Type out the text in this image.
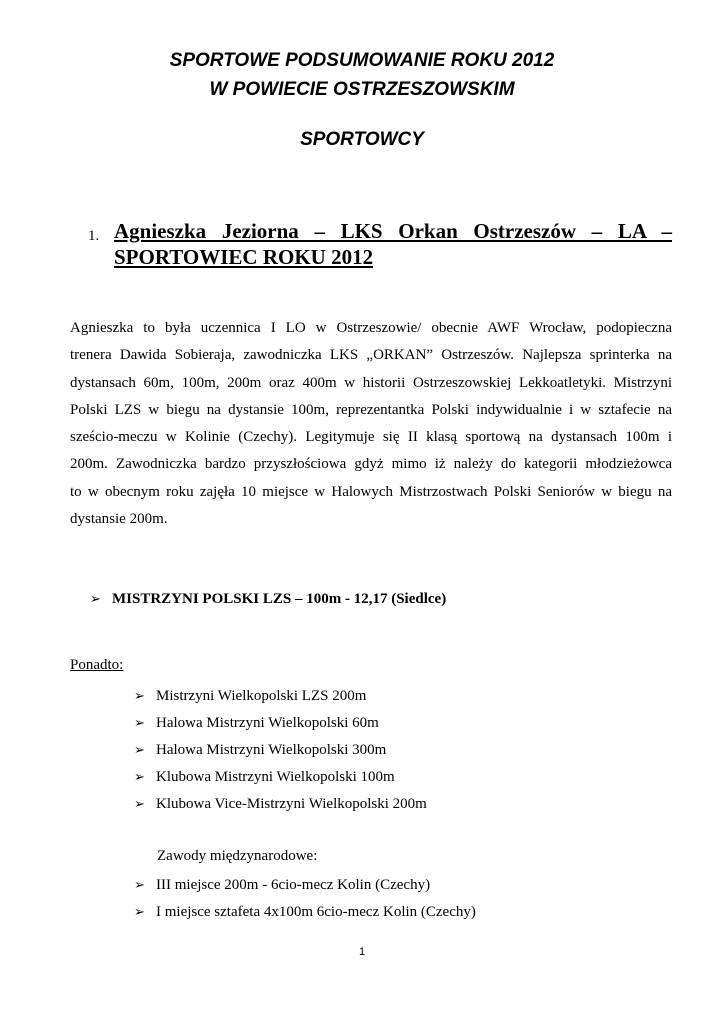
SPORTOWE PODSUMOWANIE ROKU 2012
W POWIECIE OSTRZESZOWSKIM
SPORTOWCY
1. Agnieszka Jeziorna – LKS Orkan Ostrzeszów – LA –
SPORTOWIEC ROKU 2012
Agnieszka to była uczennica I LO w Ostrzeszowie/ obecnie AWF Wrocław, podopieczna
trenera Dawida Sobieraja, zawodniczka LKS „ORKAN” Ostrzeszów. Najlepsza sprinterka na
dystansach 60m, 100m, 200m oraz 400m w historii Ostrzeszowskiej Lekkoatletyki. Mistrzyni
Polski LZS w biegu na dystansie 100m, reprezentantka Polski indywidualnie i w sztafecie na
sześcio-meczu w Kolinie (Czechy). Legitymuje się II klasą sportową na dystansach 100m i
200m. Zawodniczka bardzo przyszłościowa gdyż mimo iż należy do kategorii młodzieżowca
to w obecnym roku zajęła 10 miejsce w Halowych Mistrzostwach Polski Seniorów w biegu na
dystansie 200m.
➢ MISTRZYNI POLSKI LZS – 100m - 12,17 (Siedlce)
Ponadto:
➢ Mistrzyni Wielkopolski LZS 200m
➢ Halowa Mistrzyni Wielkopolski 60m
➢ Halowa Mistrzyni Wielkopolski 300m
➢ Klubowa Mistrzyni Wielkopolski 100m
➢ Klubowa Vice-Mistrzyni Wielkopolski 200m
Zawody międzynarodowe:
➢ III miejsce 200m - 6cio-mecz Kolin (Czechy)
➢ I miejsce sztafeta 4x100m 6cio-mecz Kolin (Czechy)
1
